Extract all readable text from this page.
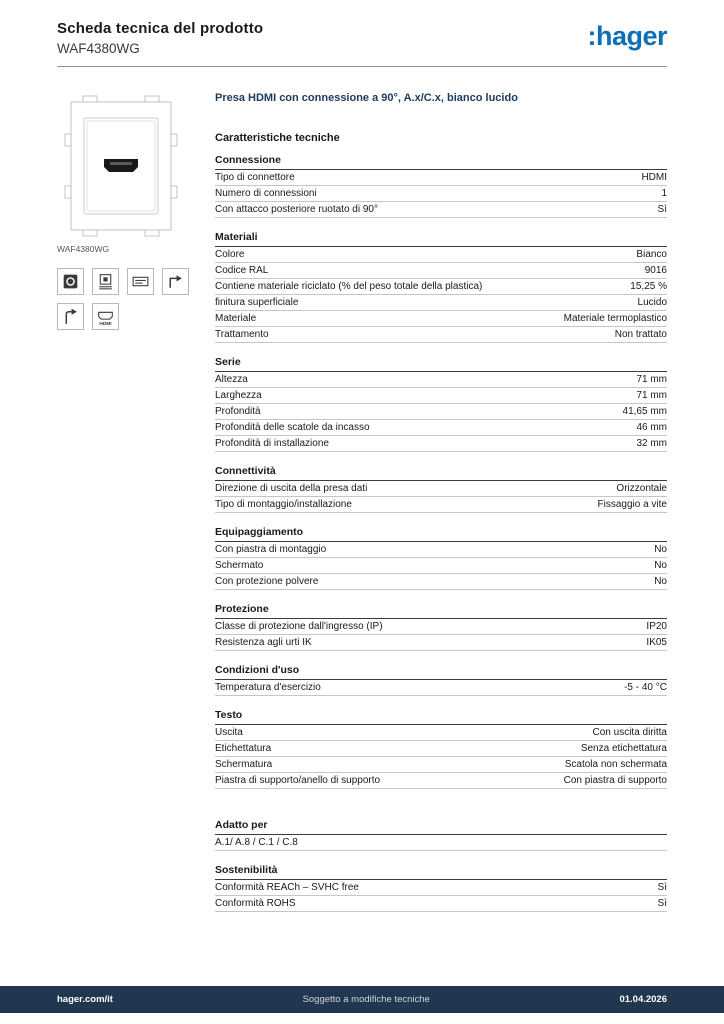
Scheda tecnica del prodotto
WAF4380WG	:hager
WAF4380WG
HDMI
Presa HDMI con connessione a 90°, A.x/C.x, bianco lucido
Caratteristiche tecniche
Connessione
Tipo di connettore	HDMI
Numero di connessioni	1
Con attacco posteriore ruotato di 90°	Sì
Materiali
Colore	Bianco
Codice RAL	9016
Contiene materiale riciclato (% del peso totale della plastica)	15,25 %
finitura superficiale	Lucido
Materiale	Materiale termoplastico
Trattamento	Non trattato
Serie
Altezza	71 mm
Larghezza	71 mm
Profondità	41,65 mm
Profondità delle scatole da incasso	46 mm
Profondità di installazione	32 mm
Connettività
Direzione di uscita della presa dati	Orizzontale
Tipo di montaggio/installazione	Fissaggio a vite
Equipaggiamento
Con piastra di montaggio	No
Schermato	No
Con protezione polvere	No
Protezione
Classe di protezione dall'ingresso (IP)	IP20
Resistenza agli urti IK	IK05
Condizioni d'uso
Temperatura d'esercizio	-5 - 40 °C
Testo
Uscita	Con uscita diritta
Etichettatura	Senza etichettatura
Schermatura	Scatola non schermata
Piastra di supporto/anello di supporto	Con piastra di supporto
Adatto per
A.1/ A.8 / C.1 / C.8
Sostenibilità
Conformità REACh – SVHC free	Sì
Conformità ROHS	Sì
hager.com/it	Soggetto a modifiche tecniche	01.04.2026
